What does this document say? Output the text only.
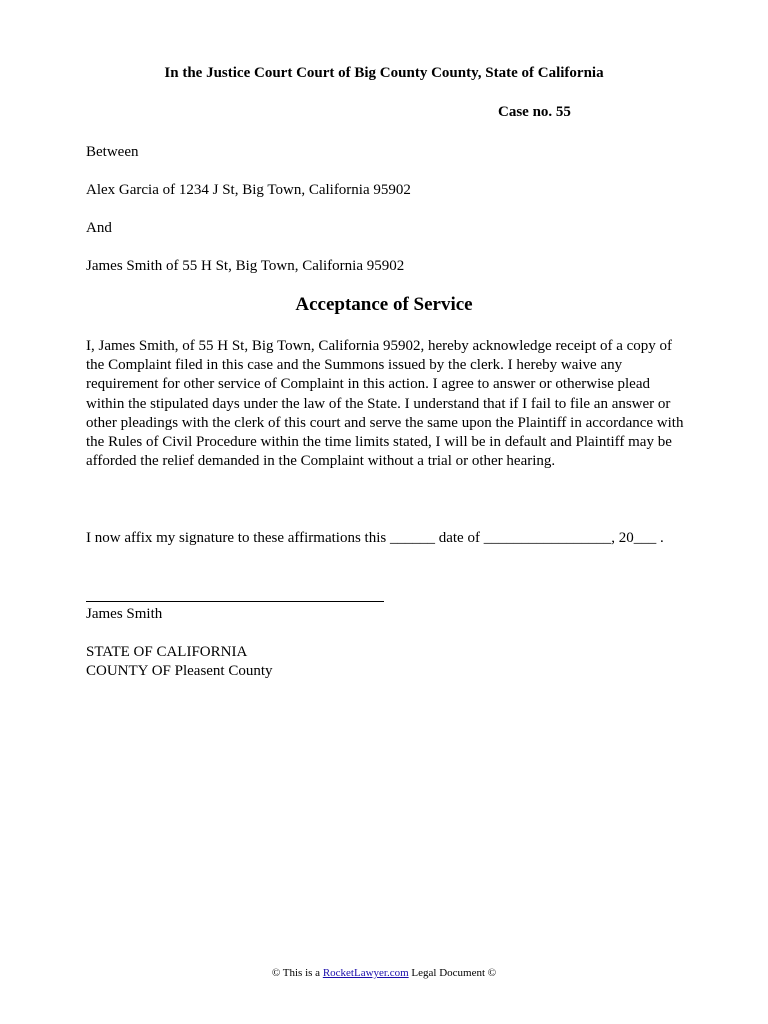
In the Justice Court Court of Big County County, State of California
Case no. 55
Between
Alex Garcia of 1234 J St, Big Town, California 95902
And
James Smith of 55 H St, Big Town, California 95902
Acceptance of Service
I, James Smith, of 55 H St, Big Town, California 95902, hereby acknowledge receipt of a copy of the Complaint filed in this case and the Summons issued by the clerk. I hereby waive any requirement for other service of Complaint in this action. I agree to answer or otherwise plead within the stipulated days under the law of the State. I understand that if I fail to file an answer or other pleadings with the clerk of this court and serve the same upon the Plaintiff in accordance with the Rules of Civil Procedure within the time limits stated, I will be in default and Plaintiff may be afforded the relief demanded in the Complaint without a trial or other hearing.
I now affix my signature to these affirmations this ______ date of _________________, 20___ .
James Smith
STATE OF CALIFORNIA
COUNTY OF Pleasent County
© This is a RocketLawyer.com Legal Document ©
